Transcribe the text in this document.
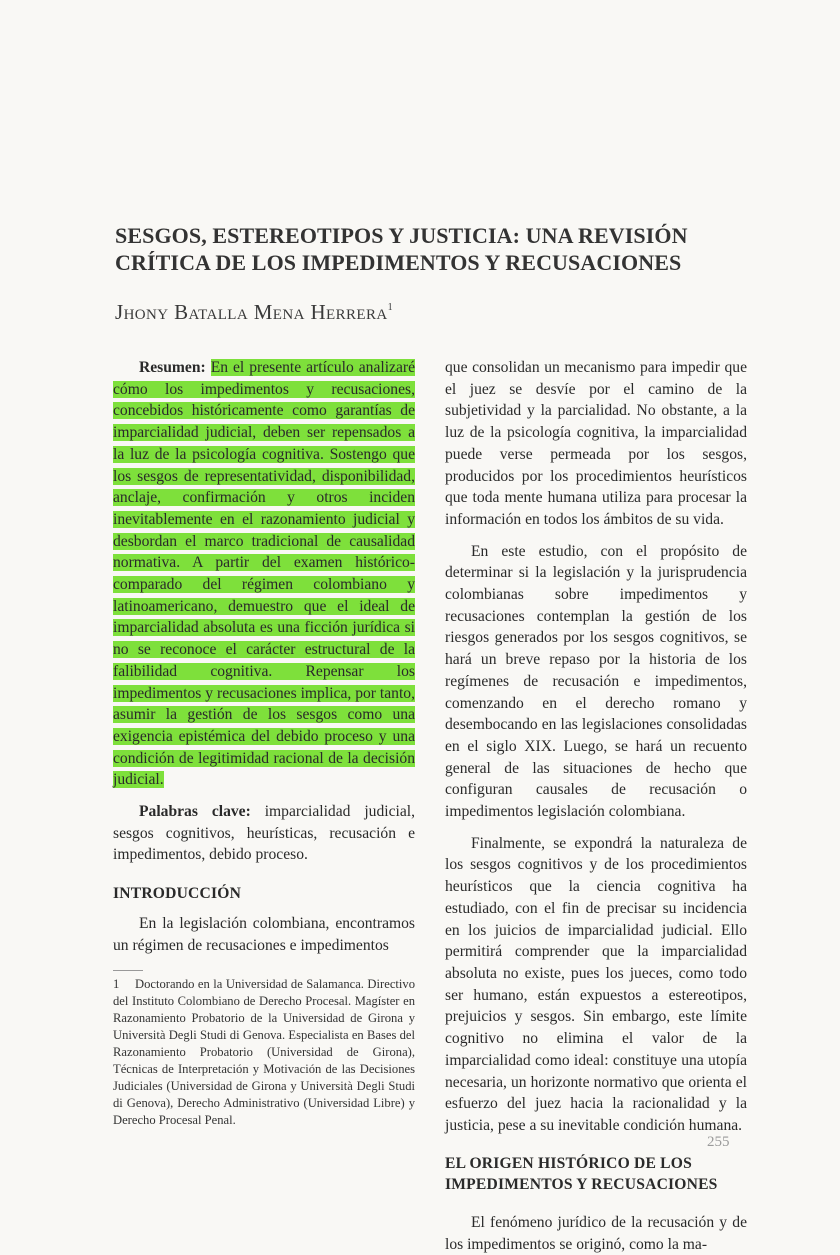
SESGOS, ESTEREOTIPOS Y JUSTICIA: UNA REVISIÓN CRÍTICA DE LOS IMPEDIMENTOS Y RECUSACIONES
Jhony Batalla Mena Herrera$^1$

Resumen: En el presente artículo analizaré cómo los impedimentos y recusaciones, concebidos históricamente como garantías de imparcialidad judicial, deben ser repensados a la luz de la psicología cognitiva. Sostengo que los sesgos de representatividad, disponibilidad, anclaje, confirmación y otros inciden inevitablemente en el razonamiento judicial y desbordan el marco tradicional de causalidad normativa. A partir del examen histórico-comparado del régimen colombiano y latinoamericano, demuestro que el ideal de imparcialidad absoluta es una ficción jurídica si no se reconoce el carácter estructural de la falibilidad cognitiva. Repensar los impedimentos y recusaciones implica, por tanto, asumir la gestión de los sesgos como una exigencia epistémica del debido proceso y una condición de legitimidad racional de la decisión judicial.

Palabras clave: imparcialidad judicial, sesgos cognitivos, heurísticas, recusación e impedimentos, debido proceso.

INTRODUCCIÓN

En la legislación colombiana, encontramos un régimen de recusaciones e impedimentos

1 Doctorando en la Universidad de Salamanca. Directivo del Instituto Colombiano de Derecho Procesal. Magíster en Razonamiento Probatorio de la Universidad de Girona y Università Degli Studi di Genova. Especialista en Bases del Razonamiento Probatorio (Universidad de Girona), Técnicas de Interpretación y Motivación de las Decisiones Judiciales (Universidad de Girona y Università Degli Studi di Genova), Derecho Administrativo (Universidad Libre) y Derecho Procesal Penal.

que consolidan un mecanismo para impedir que el juez se desvíe por el camino de la subjetividad y la parcialidad. No obstante, a la luz de la psicología cognitiva, la imparcialidad puede verse permeada por los sesgos, producidos por los procedimientos heurísticos que toda mente humana utiliza para procesar la información en todos los ámbitos de su vida.

En este estudio, con el propósito de determinar si la legislación y la jurisprudencia colombianas sobre impedimentos y recusaciones contemplan la gestión de los riesgos generados por los sesgos cognitivos, se hará un breve repaso por la historia de los regímenes de recusación e impedimentos, comenzando en el derecho romano y desembocando en las legislaciones consolidadas en el siglo XIX. Luego, se hará un recuento general de las situaciones de hecho que configuran causales de recusación o impedimentos legislación colombiana.

Finalmente, se expondrá la naturaleza de los sesgos cognitivos y de los procedimientos heurísticos que la ciencia cognitiva ha estudiado, con el fin de precisar su incidencia en los juicios de imparcialidad judicial. Ello permitirá comprender que la imparcialidad absoluta no existe, pues los jueces, como todo ser humano, están expuestos a estereotipos, prejuicios y sesgos. Sin embargo, este límite cognitivo no elimina el valor de la imparcialidad como ideal: constituye una utopía necesaria, un horizonte normativo que orienta el esfuerzo del juez hacia la racionalidad y la justicia, pese a su inevitable condición humana.

EL ORIGEN HISTÓRICO DE LOS IMPEDIMENTOS Y RECUSACIONES

El fenómeno jurídico de la recusación y de los impedimentos se originó, como la ma-

255
